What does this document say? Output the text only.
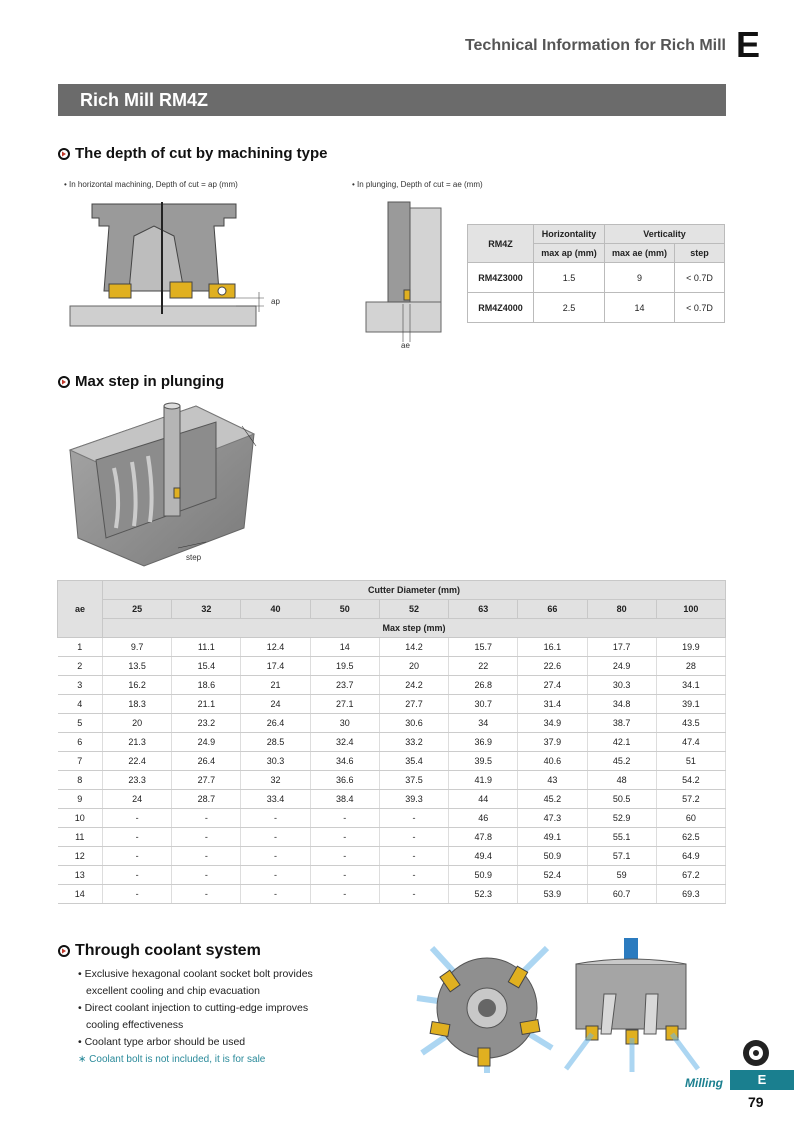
Technical Information for Rich Mill E
Rich Mill RM4Z
The depth of cut by machining type
• In horizontal machining, Depth of cut = ap (mm)	• In plunging, Depth of cut = ae (mm)
ap
ae
RM4Z	Horizontality	Verticality	
	max ap (mm)	max ae (mm)	step
RM4Z3000	1.5	9	< 0.7D
RM4Z4000	2.5	14	< 0.7D
Max step in plunging
step
ae	Cutter Diameter (mm)								
	25	32	40	50	52	63	66	80	100
	Max step (mm)								
1	9.7	11.1	12.4	14	14.2	15.7	16.1	17.7	19.9
2	13.5	15.4	17.4	19.5	20	22	22.6	24.9	28
3	16.2	18.6	21	23.7	24.2	26.8	27.4	30.3	34.1
4	18.3	21.1	24	27.1	27.7	30.7	31.4	34.8	39.1
5	20	23.2	26.4	30	30.6	34	34.9	38.7	43.5
6	21.3	24.9	28.5	32.4	33.2	36.9	37.9	42.1	47.4
7	22.4	26.4	30.3	34.6	35.4	39.5	40.6	45.2	51
8	23.3	27.7	32	36.6	37.5	41.9	43	48	54.2
9	24	28.7	33.4	38.4	39.3	44	45.2	50.5	57.2
10	-	-	-	-	-	46	47.3	52.9	60
11	-	-	-	-	-	47.8	49.1	55.1	62.5
12	-	-	-	-	-	49.4	50.9	57.1	64.9
13	-	-	-	-	-	50.9	52.4	59	67.2
14	-	-	-	-	-	52.3	53.9	60.7	69.3
Through coolant system
• Exclusive hexagonal coolant socket bolt provides excellent cooling and chip evacuation
• Direct coolant injection to cutting-edge improves cooling effectiveness
• Coolant type arbor should be used
∗ Coolant bolt is not included, it is for sale
Milling	E
79
